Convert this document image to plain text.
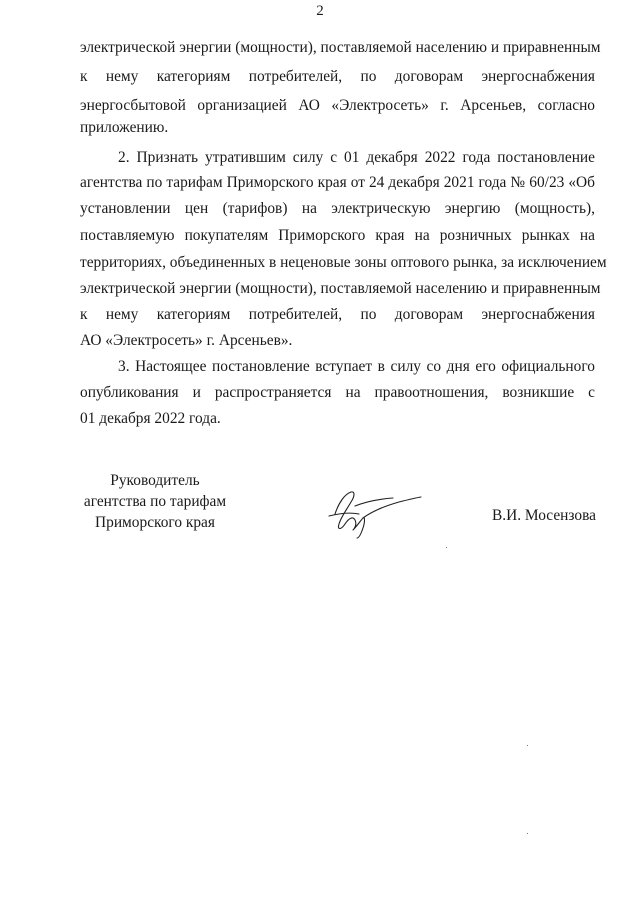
2
электрической энергии (мощности), поставляемой населению и приравненным
к нему категориям потребителей, по договорам энергоснабжения
энергосбытовой организацией АО «Электросеть» г. Арсеньев, согласно
приложению.
2. Признать утратившим силу с 01 декабря 2022 года постановление
агентства по тарифам Приморского края от 24 декабря 2021 года № 60/23 «Об
установлении цен (тарифов) на электрическую энергию (мощность),
поставляемую покупателям Приморского края на розничных рынках на
территориях, объединенных в неценовые зоны оптового рынка, за исключением
электрической энергии (мощности), поставляемой населению и приравненным
к нему категориям потребителей, по договорам энергоснабжения
АО «Электросеть» г. Арсеньев».
3. Настоящее постановление вступает в силу со дня его официального
опубликования и распространяется на правоотношения, возникшие с
01 декабря 2022 года.
Руководитель
агентства по тарифам
Приморского края	В.И. Мосензова
